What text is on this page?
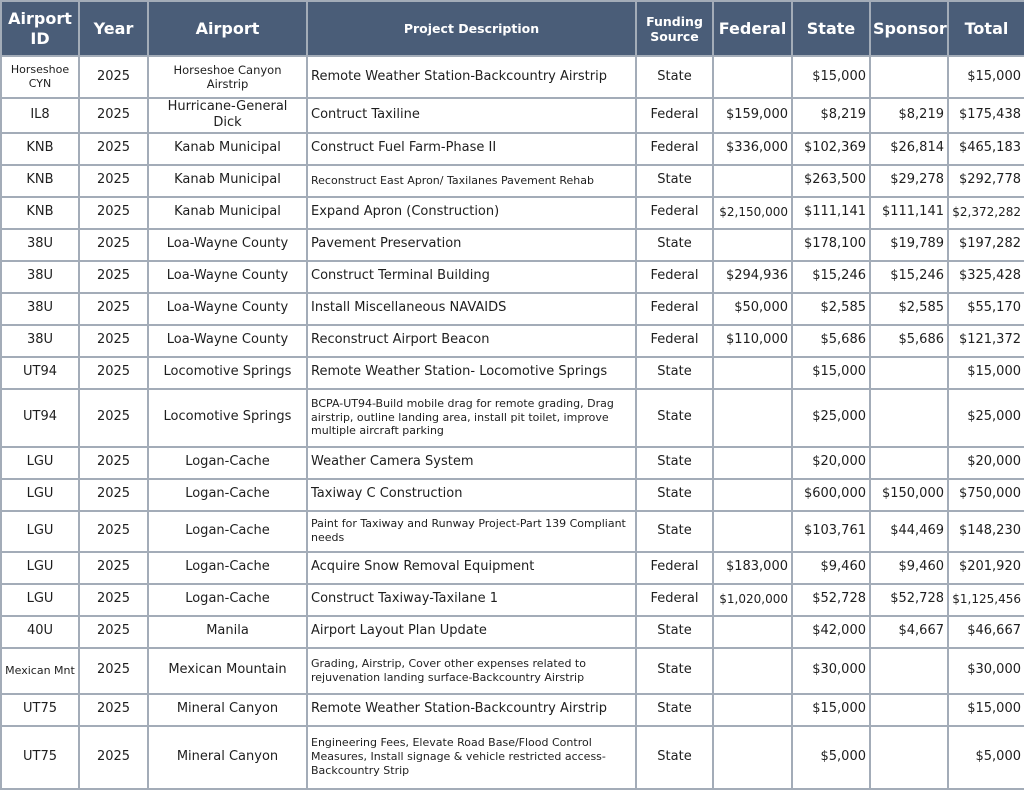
Airport ID	Year	Airport	Project Description	Funding Source	Federal	State	Sponsor	Total
Horseshoe CYN	2025	Horseshoe Canyon Airstrip	Remote Weather Station-Backcountry Airstrip	State		$15,000		$15,000
IL8	2025	Hurricane-General Dick	Contruct Taxiline	Federal	$159,000	$8,219	$8,219	$175,438
KNB	2025	Kanab Municipal	Construct Fuel Farm-Phase II	Federal	$336,000	$102,369	$26,814	$465,183
KNB	2025	Kanab Municipal	Reconstruct East Apron/ Taxilanes Pavement Rehab	State		$263,500	$29,278	$292,778
KNB	2025	Kanab Municipal	Expand Apron (Construction)	Federal	$2,150,000	$111,141	$111,141	$2,372,282
38U	2025	Loa-Wayne County	Pavement Preservation	State		$178,100	$19,789	$197,282
38U	2025	Loa-Wayne County	Construct Terminal Building	Federal	$294,936	$15,246	$15,246	$325,428
38U	2025	Loa-Wayne County	Install Miscellaneous NAVAIDS	Federal	$50,000	$2,585	$2,585	$55,170
38U	2025	Loa-Wayne County	Reconstruct Airport Beacon	Federal	$110,000	$5,686	$5,686	$121,372
UT94	2025	Locomotive Springs	Remote Weather Station- Locomotive Springs	State		$15,000		$15,000
UT94	2025	Locomotive Springs	BCPA-UT94-Build mobile drag for remote grading, Drag airstrip, outline landing area, install pit toilet, improve multiple aircraft parking	State		$25,000		$25,000
LGU	2025	Logan-Cache	Weather Camera System	State		$20,000		$20,000
LGU	2025	Logan-Cache	Taxiway C Construction	State		$600,000	$150,000	$750,000
LGU	2025	Logan-Cache	Paint for Taxiway and Runway Project-Part 139 Compliant needs	State		$103,761	$44,469	$148,230
LGU	2025	Logan-Cache	Acquire Snow Removal Equipment	Federal	$183,000	$9,460	$9,460	$201,920
LGU	2025	Logan-Cache	Construct Taxiway-Taxilane 1	Federal	$1,020,000	$52,728	$52,728	$1,125,456
40U	2025	Manila	Airport Layout Plan Update	State		$42,000	$4,667	$46,667
Mexican Mnt	2025	Mexican Mountain	Grading, Airstrip, Cover other expenses related to rejuvenation landing surface-Backcountry Airstrip	State		$30,000		$30,000
UT75	2025	Mineral Canyon	Remote Weather Station-Backcountry Airstrip	State		$15,000		$15,000
UT75	2025	Mineral Canyon	Engineering Fees, Elevate Road Base/Flood Control Measures, Install signage & vehicle restricted access-Backcountry Strip	State		$5,000		$5,000
